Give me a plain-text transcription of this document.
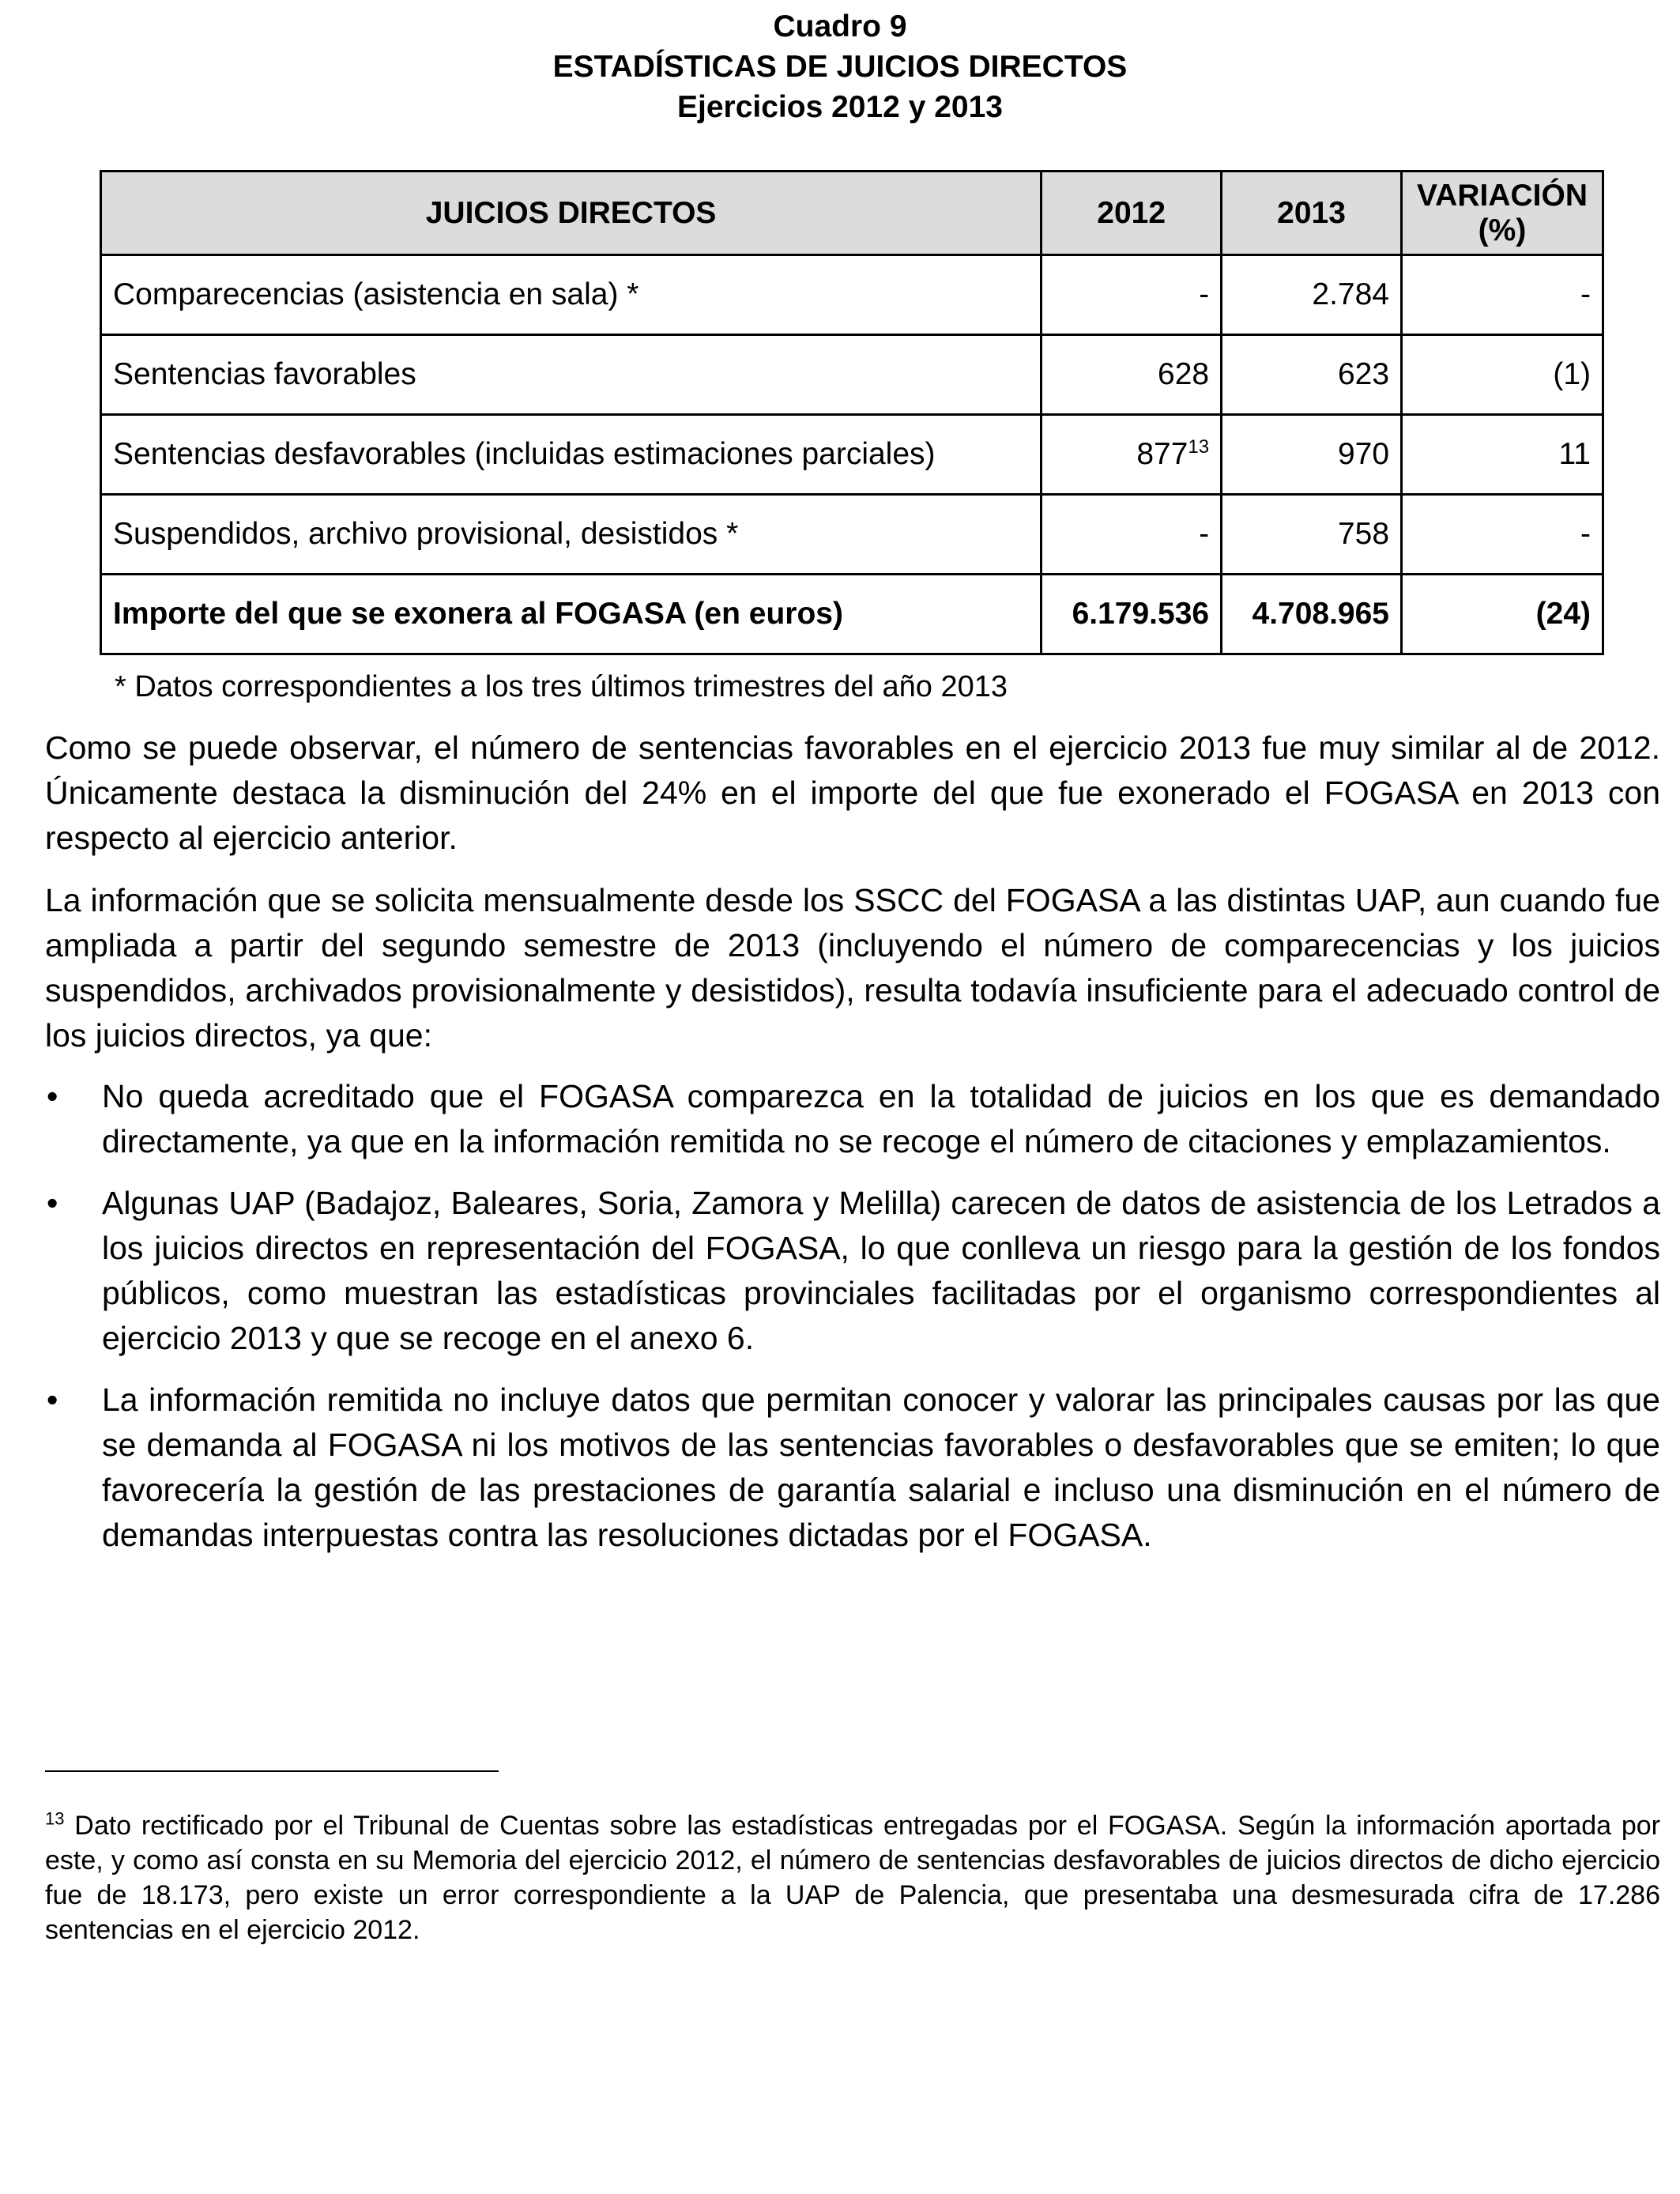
Cuadro 9
ESTADÍSTICAS DE JUICIOS DIRECTOS
Ejercicios 2012 y 2013
JUICIOS DIRECTOS	2012	2013	VARIACIÓN
(%)
Comparecencias (asistencia en sala) *	-	2.784	-
Sentencias favorables	628	623	(1)
Sentencias desfavorables (incluidas estimaciones parciales)	$877^{13}$	970	11
Suspendidos, archivo provisional, desistidos *	-	758	-
Importe del que se exonera al FOGASA (en euros)	6.179.536	4.708.965	(24)
* Datos correspondientes a los tres últimos trimestres del año 2013

Como se puede observar, el número de sentencias favorables en el ejercicio 2013 fue muy similar al de 2012. Únicamente destaca la disminución del 24% en el importe del que fue exonerado el FOGASA en 2013 con respecto al ejercicio anterior.

La información que se solicita mensualmente desde los SSCC del FOGASA a las distintas UAP, aun cuando fue ampliada a partir del segundo semestre de 2013 (incluyendo el número de comparecencias y los juicios suspendidos, archivados provisionalmente y desistidos), resulta todavía insuficiente para el adecuado control de los juicios directos, ya que:

• No queda acreditado que el FOGASA comparezca en la totalidad de juicios en los que es demandado directamente, ya que en la información remitida no se recoge el número de citaciones y emplazamientos.
• Algunas UAP (Badajoz, Baleares, Soria, Zamora y Melilla) carecen de datos de asistencia de los Letrados a los juicios directos en representación del FOGASA, lo que conlleva un riesgo para la gestión de los fondos públicos, como muestran las estadísticas provinciales facilitadas por el organismo correspondientes al ejercicio 2013 y que se recoge en el anexo 6.
• La información remitida no incluye datos que permitan conocer y valorar las principales causas por las que se demanda al FOGASA ni los motivos de las sentencias favorables o desfavorables que se emiten; lo que favorecería la gestión de las prestaciones de garantía salarial e incluso una disminución en el número de demandas interpuestas contra las resoluciones dictadas por el FOGASA.

$^{13}$ Dato rectificado por el Tribunal de Cuentas sobre las estadísticas entregadas por el FOGASA. Según la información aportada por este, y como así consta en su Memoria del ejercicio 2012, el número de sentencias desfavorables de juicios directos de dicho ejercicio fue de 18.173, pero existe un error correspondiente a la UAP de Palencia, que presentaba una desmesurada cifra de 17.286 sentencias en el ejercicio 2012.
